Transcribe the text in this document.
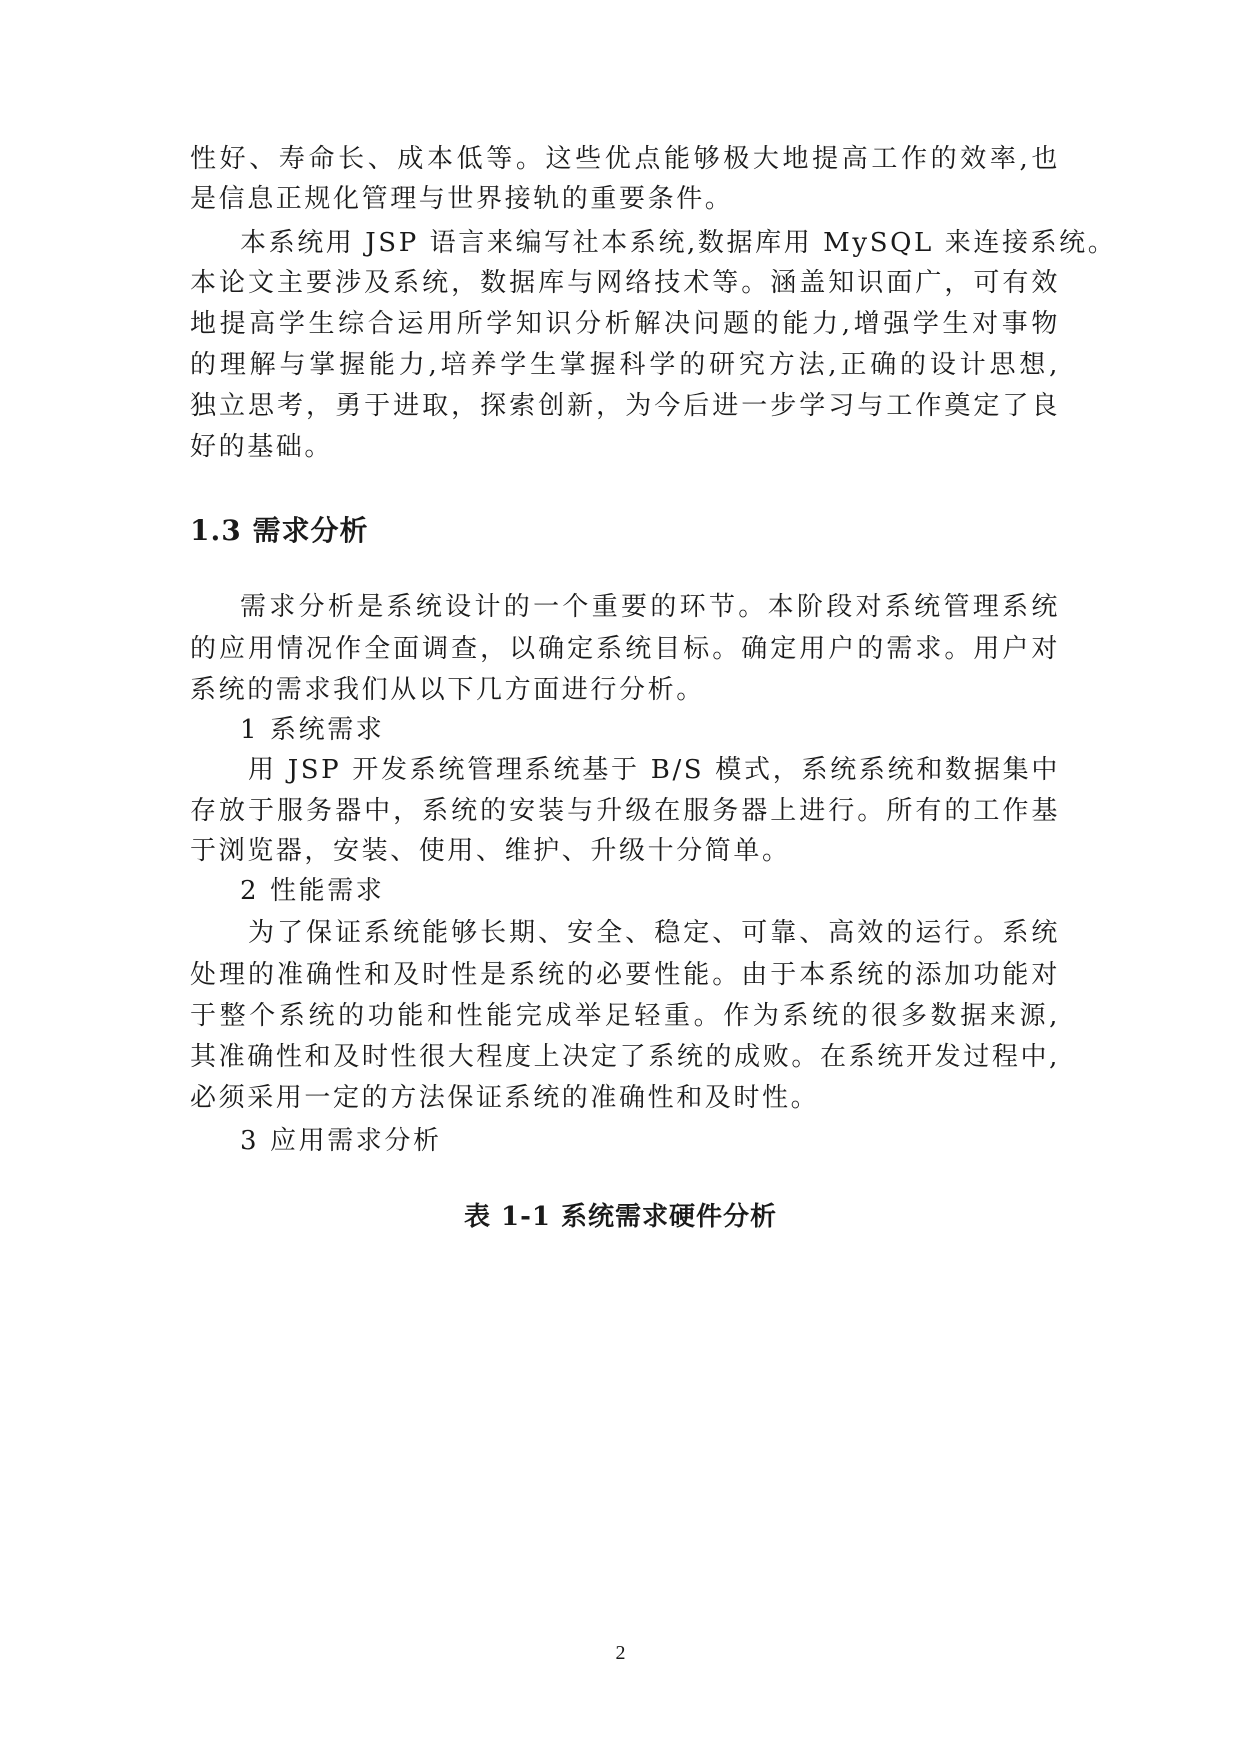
性好、寿命长、成本低等。这些优点能够极大地提高工作的效率,也
是信息正规化管理与世界接轨的重要条件。
本系统用 JSP 语言来编写社本系统,数据库用 MySQL 来连接系统。
本论文主要涉及系统，数据库与网络技术等。涵盖知识面广，可有效
地提高学生综合运用所学知识分析解决问题的能力,增强学生对事物
的理解与掌握能力,培养学生掌握科学的研究方法,正确的设计思想,
独立思考，勇于进取，探索创新，为今后进一步学习与工作奠定了良
好的基础。
1.3 需求分析
需求分析是系统设计的一个重要的环节。本阶段对系统管理系统
的应用情况作全面调查，以确定系统目标。确定用户的需求。用户对
系统的需求我们从以下几方面进行分析。
1 系统需求
用 JSP 开发系统管理系统基于 B/S 模式，系统系统和数据集中
存放于服务器中，系统的安装与升级在服务器上进行。所有的工作基
于浏览器，安装、使用、维护、升级十分简单。
2 性能需求
为了保证系统能够长期、安全、稳定、可靠、高效的运行。系统
处理的准确性和及时性是系统的必要性能。由于本系统的添加功能对
于整个系统的功能和性能完成举足轻重。作为系统的很多数据来源,
其准确性和及时性很大程度上决定了系统的成败。在系统开发过程中,
必须采用一定的方法保证系统的准确性和及时性。
3 应用需求分析
表 1-1 系统需求硬件分析
2
